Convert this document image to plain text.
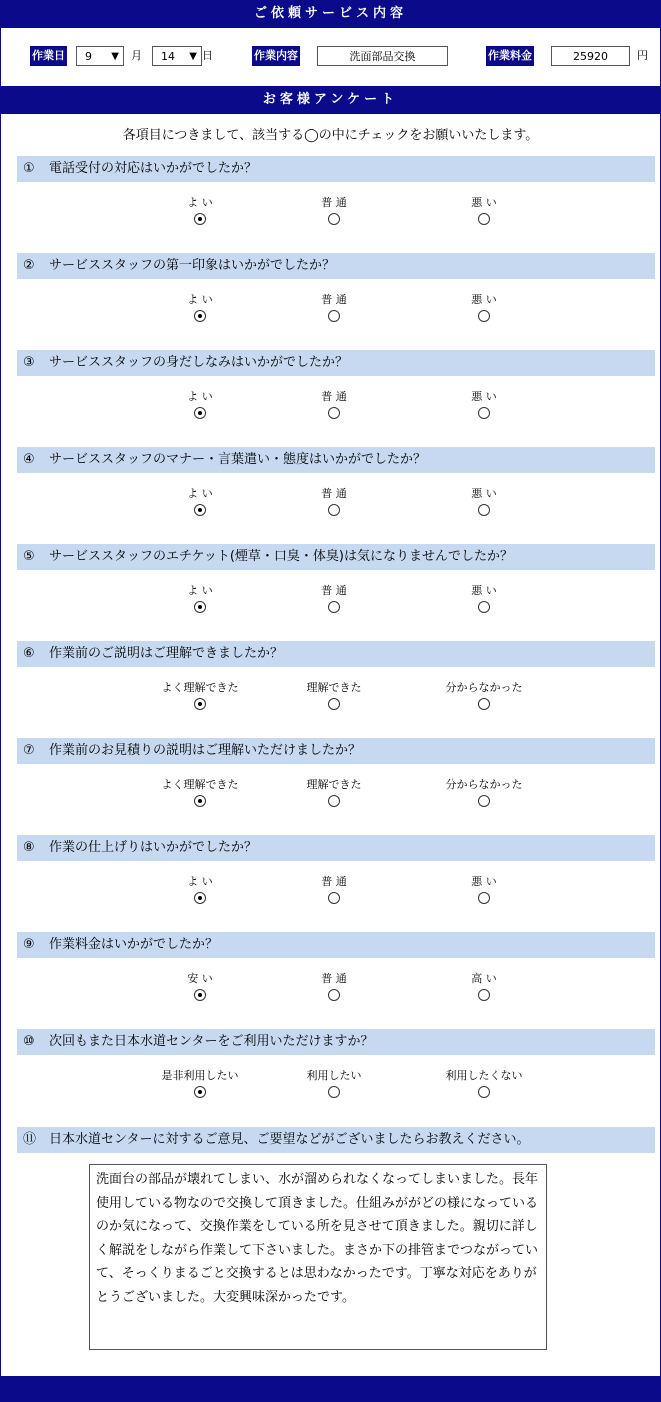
ご依頼サービス内容
作業日	9 ▼ 月	14 ▼ 日	作業内容	洗面部品交換	作業料金	25920	円
お客様アンケート
各項目につきまして、該当する◯の中にチェックをお願いいたします。
① 電話受付の対応はいかがでしたか？
よ い	普 通	悪 い
② サービススタッフの第一印象はいかがでしたか？
よ い	普 通	悪 い
③ サービススタッフの身だしなみはいかがでしたか？
よ い	普 通	悪 い
④ サービススタッフのマナー・言葉遣い・態度はいかがでしたか？
よ い	普 通	悪 い
⑤ サービススタッフのエチケット(煙草・口臭・体臭)は気になりませんでしたか？
よ い	普 通	悪 い
⑥ 作業前のご説明はご理解できましたか？
よく理解できた	理解できた	分からなかった
⑦ 作業前のお見積りの説明はご理解いただけましたか？
よく理解できた	理解できた	分からなかった
⑧ 作業の仕上げりはいかがでしたか？
よ い	普 通	悪 い
⑨ 作業料金はいかがでしたか？
安 い	普 通	高 い
⑩ 次回もまた日本水道センターをご利用いただけますか？
是非利用したい	利用したい	利用したくない
⑪ 日本水道センターに対するご意見、ご要望などがございましたらお教えください。
洗面台の部品が壊れてしまい、水が溜められなくなってしまいました。長年使用している物なので交換して頂きました。仕組みががどの様になっているのか気になって、交換作業をしている所を見させて頂きました。親切に詳しく解説をしながら作業して下さいました。まさか下の排管までつながっていて、そっくりまるごと交換するとは思わなかったです。丁寧な対応をありがとうございました。大変興味深かったです。
